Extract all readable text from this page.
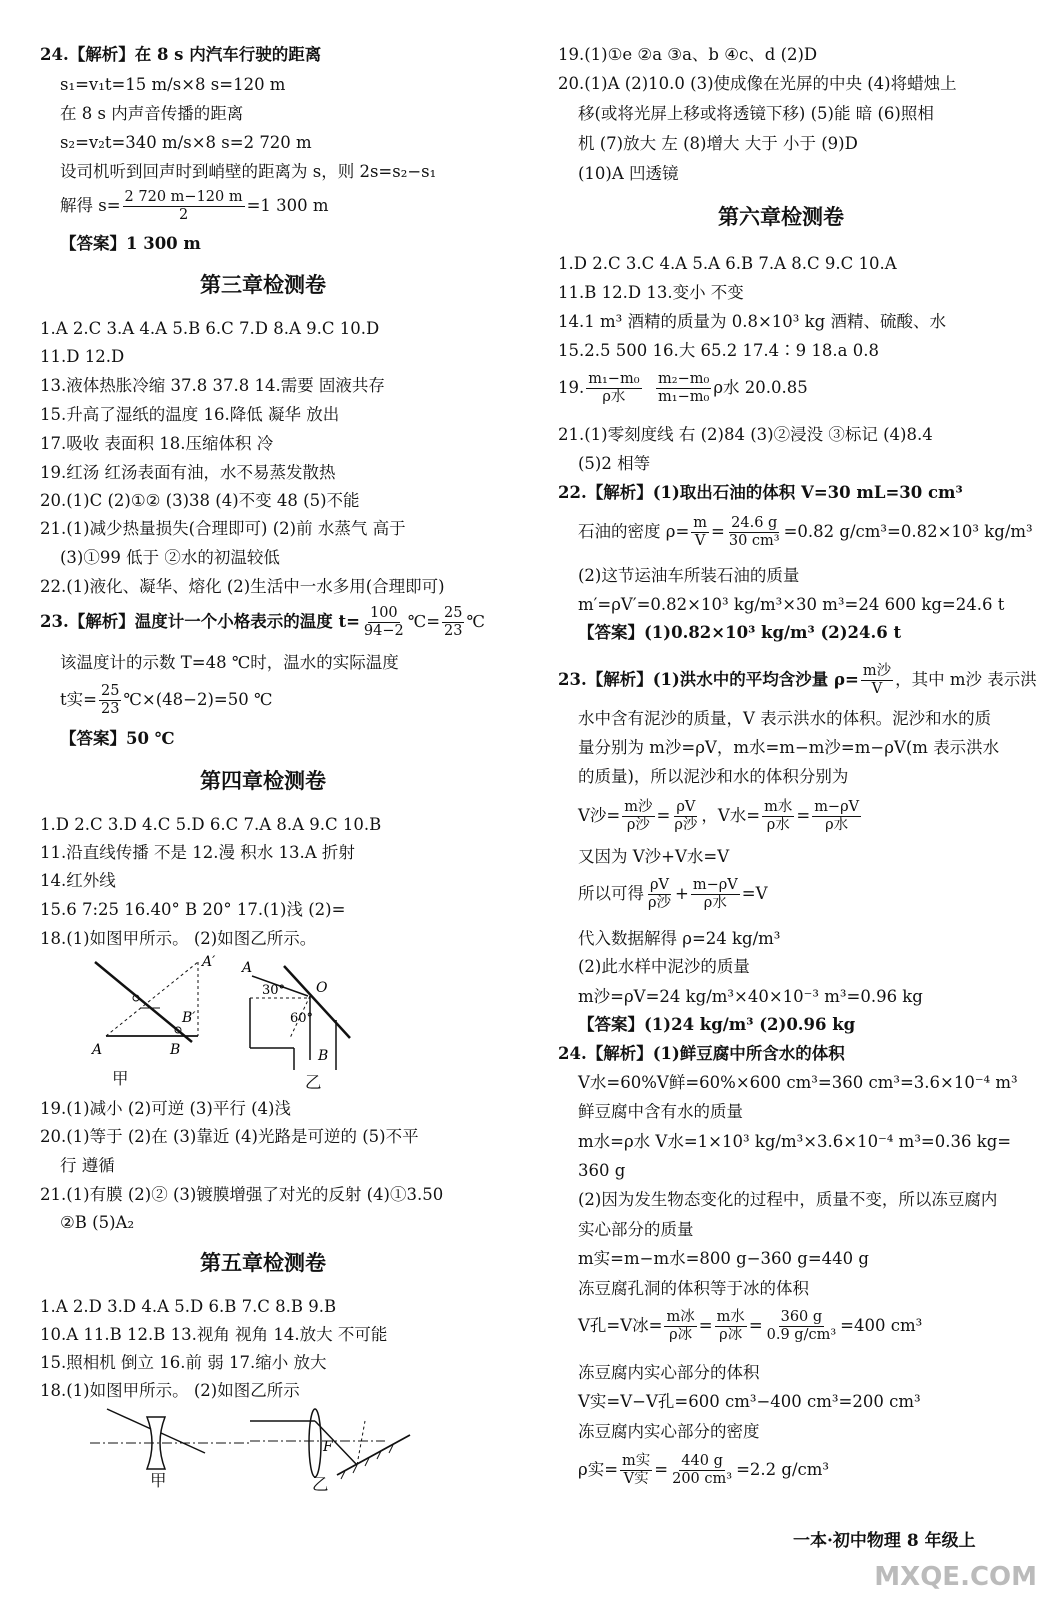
24.【解析】在 8 s 内汽车行驶的距离
s₁=v₁t=15 m/s×8 s=120 m
在 8 s 内声音传播的距离
s₂=v₂t=340 m/s×8 s=2 720 m
设司机听到回声时到峭壁的距离为 s，则 2s=s₂−s₁
解得 $s= \frac{2 720 m-120 m}{2} =1$ 300 m
【答案】1 300 m
第三章检测卷
1.A 2.C 3.A 4.A 5.B 6.C 7.D 8.A 9.C 10.D
11.D 12.D
13.液体热胀冷缩 37.8 37.8 14.需要 固液共存
15.升高了湿纸的温度 16.降低 凝华 放出
17.吸收 表面积 18.压缩体积 冷
19.红汤 红汤表面有油，水不易蒸发散热
20.(1)C (2)①② (3)38 (4)不变 48 (5)不能
21.(1)减少热量损失(合理即可) (2)前 水蒸气 高于
(3)①99 低于 ②水的初温较低
22.(1)液化、凝华、熔化 (2)生活中一水多用(合理即可)
23.【解析】温度计一个小格表示的温度 $t= \frac{100}{94-2}$ ℃= $\frac{25}{23}$ ℃
该温度计的示数 T=48 ℃时，温水的实际温度
t实= $\frac{25}{23}$ ℃×(48−2)=50 ℃
【答案】50 ℃
第四章检测卷
1.D 2.C 3.D 4.C 5.D 6.C 7.A 8.A 9.C 10.B
11.沿直线传播 不是 12.漫 积水 13.A 折射
14.红外线
15.6 7:25 16.40° B 20° 17.(1)浅 (2)=
18.(1)如图甲所示。 (2)如图乙所示。
A′
B′
A	B
A
30°
60°
O
B
甲	乙
19.(1)减小 (2)可逆 (3)平行 (4)浅
20.(1)等于 (2)在 (3)靠近 (4)光路是可逆的 (5)不平
行 遵循
21.(1)有膜 (2)② (3)镀膜增强了对光的反射 (4)①3.50
②B (5)A₂
第五章检测卷
1.A 2.D 3.D 4.A 5.D 6.B 7.C 8.B 9.B
10.A 11.B 12.B 13.视角 视角 14.放大 不可能
15.照相机 倒立 16.前 弱 17.缩小 放大
18.(1)如图甲所示。 (2)如图乙所示
甲
F
乙
19.(1)①e ②a ③a、b ④c、d (2)D
20.(1)A (2)10.0 (3)使成像在光屏的中央 (4)将蜡烛上
移(或将光屏上移或将透镜下移) (5)能 暗 (6)照相
机 (7)放大 左 (8)增大 大于 小于 (9)D
(10)A 凹透镜
第六章检测卷
1.D 2.C 3.C 4.A 5.A 6.B 7.A 8.C 9.C 10.A
11.B 12.D 13.变小 不变
14.1 m³ 酒精的质量为 0.8×10³ kg 酒精、硫酸、水
15.2.5 500 16.大 65.2 17.4∶9 18.a 0.8
19. $\frac{\text{m₁−m₀}}{\text{ρ水}}$
$\frac{\text{m₂−m₀}}{\text{m₁−m₀}}$ ρ水 20.0.85
21.(1)零刻度线 右 (2)84 (3)②浸没 ③标记 (4)8.4
(5)2 相等
22.【解析】(1)取出石油的体积 V=30 mL=30 cm³
石油的密度 $\rho= \frac{m}{V} = \frac{24.6 g}{\text{30 cm³}} =0.82$ g/cm³=0.82×10³ kg/m³
(2)这节运油车所装石油的质量
m′=ρV′=0.82×10³ kg/m³×30 m³=24 600 kg=24.6 t
【答案】(1)0.82×10³ kg/m³ (2)24.6 t
23.【解析】(1)洪水中的平均含沙量 $\rho= \frac{\text{m沙}}{V}$ ，其中 m沙 表示洪
水中含有泥沙的质量，V 表示洪水的体积。泥沙和水的质
量分别为 m沙=ρV，m水=m−m沙=m−ρV(m 表示洪水
的质量)，所以泥沙和水的体积分别为
V沙= $\frac{\text{m沙}}{\text{ρ沙}} = \frac{\rho V}{\text{ρ沙}}$ ，V水= $\frac{\text{m水}}{\text{ρ水}} = \frac{m-\rho V}{\text{ρ水}}$
又因为 V沙+V水=V
所以可得 $\frac{\rho V}{\text{ρ沙}} + \frac{m-\rho V}{\text{ρ水}} =V$
代入数据解得 ρ=24 kg/m³
(2)此水样中泥沙的质量
m沙=ρV=24 kg/m³×40×10⁻³ m³=0.96 kg
【答案】(1)24 kg/m³ (2)0.96 kg
24.【解析】(1)鲜豆腐中所含水的体积
V水=60%V鲜=60%×600 cm³=360 cm³=3.6×10⁻⁴ m³
鲜豆腐中含有水的质量
m水=ρ水 V水=1×10³ kg/m³×3.6×10⁻⁴ m³=0.36 kg=
360 g
(2)因为发生物态变化的过程中，质量不变，所以冻豆腐内
实心部分的质量
m实=m−m水=800 g−360 g=440 g
冻豆腐孔洞的体积等于冰的体积
V孔=V冰= $\frac{\text{m冰}}{\text{ρ冰}} = \frac{\text{m水}}{\text{ρ冰}} = \frac{360 g}{\text{0.9 g/cm³}} =400$ cm³
冻豆腐内实心部分的体积
V实=V−V孔=600 cm³−400 cm³=200 cm³
冻豆腐内实心部分的密度
ρ实= $\frac{\text{m实}}{\text{V实}} = \frac{440 g}{\text{200 cm³}} =2.2$ g/cm³
一本·初中物理 8 年级上
MXQE.COM
